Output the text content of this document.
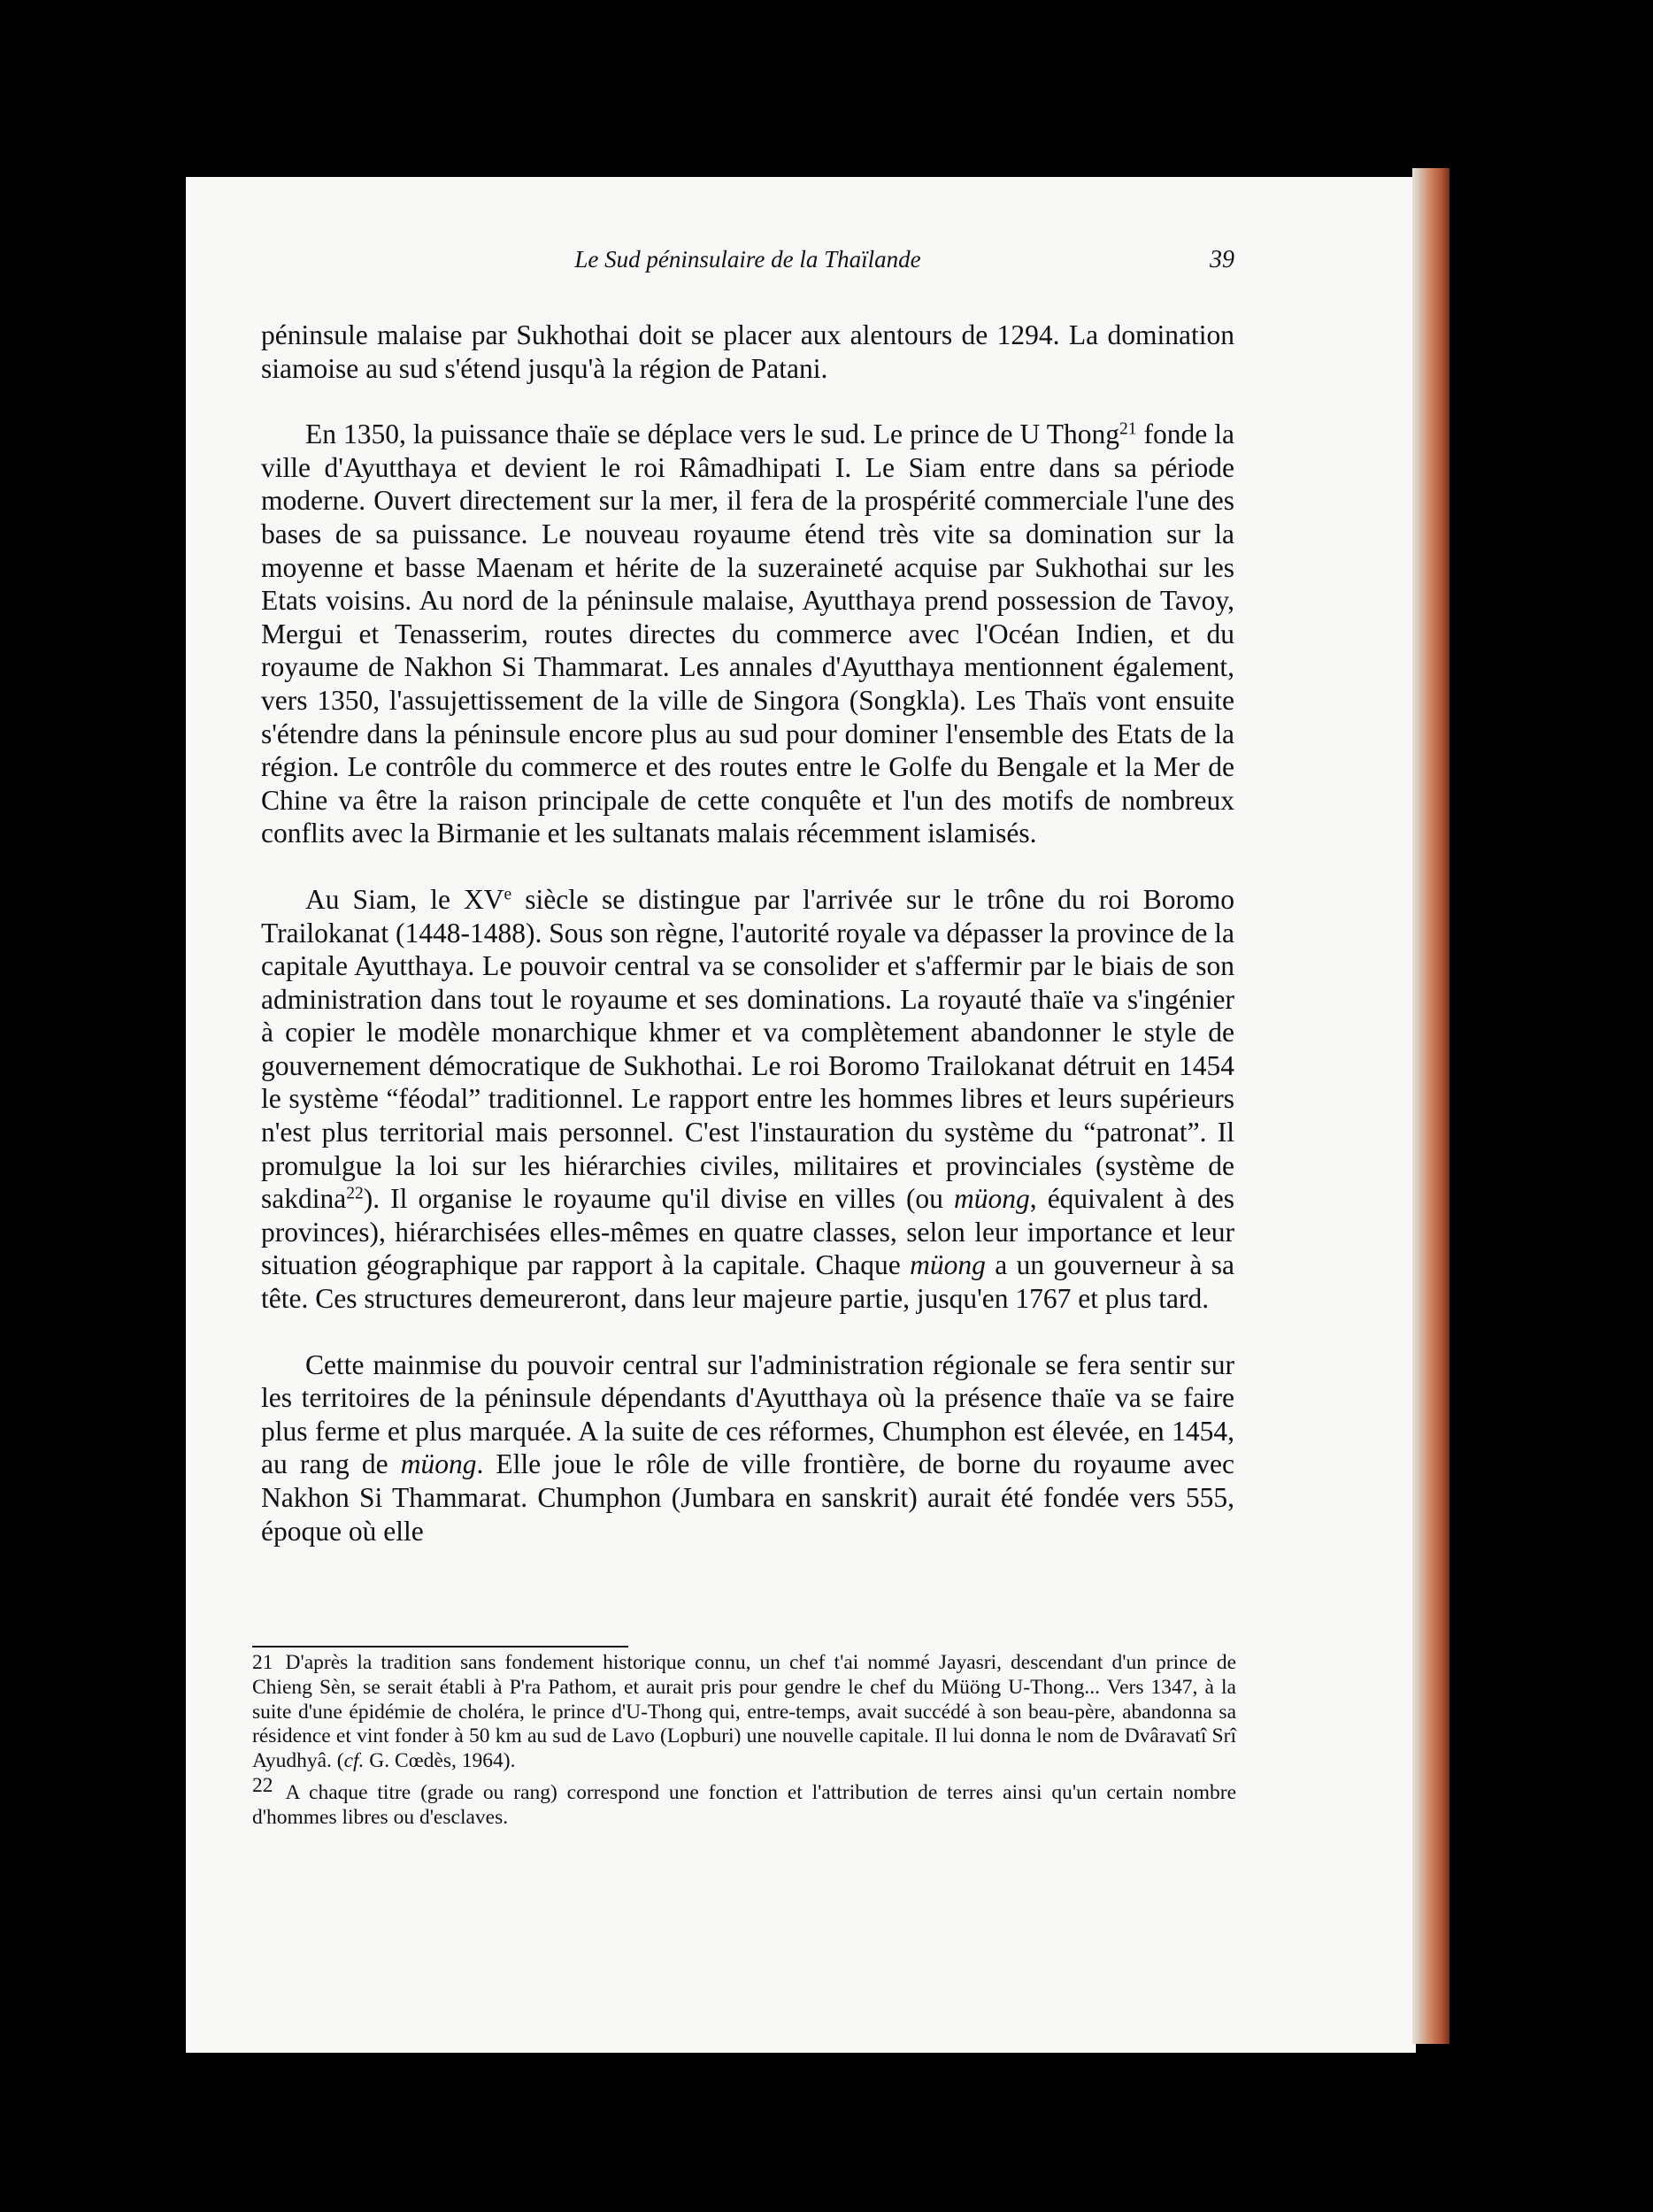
Le Sud péninsulaire de la Thaïlande	39

péninsule malaise par Sukhothai doit se placer aux alentours de 1294. La domination siamoise au sud s'étend jusqu'à la région de Patani.

En 1350, la puissance thaïe se déplace vers le sud. Le prince de U Thong$^{21}$ fonde la ville d'Ayutthaya et devient le roi Râmadhipati I. Le Siam entre dans sa période moderne. Ouvert directement sur la mer, il fera de la prospérité commerciale l'une des bases de sa puissance. Le nouveau royaume étend très vite sa domination sur la moyenne et basse Maenam et hérite de la suzeraineté acquise par Sukhothai sur les Etats voisins. Au nord de la péninsule malaise, Ayutthaya prend possession de Tavoy, Mergui et Tenasserim, routes directes du commerce avec l'Océan Indien, et du royaume de Nakhon Si Thammarat. Les annales d'Ayutthaya mentionnent également, vers 1350, l'assujettissement de la ville de Singora (Songkla). Les Thaïs vont ensuite s'étendre dans la péninsule encore plus au sud pour dominer l'ensemble des Etats de la région. Le contrôle du commerce et des routes entre le Golfe du Bengale et la Mer de Chine va être la raison principale de cette conquête et l'un des motifs de nombreux conflits avec la Birmanie et les sultanats malais récemment islamisés.

Au Siam, le XVe siècle se distingue par l'arrivée sur le trône du roi Boromo Trailokanat (1448-1488). Sous son règne, l'autorité royale va dépasser la province de la capitale Ayutthaya. Le pouvoir central va se consolider et s'affermir par le biais de son administration dans tout le royaume et ses dominations. La royauté thaïe va s'ingénier à copier le modèle monarchique khmer et va complètement abandonner le style de gouvernement démocratique de Sukhothai. Le roi Boromo Trailokanat détruit en 1454 le système “féodal” traditionnel. Le rapport entre les hommes libres et leurs supérieurs n'est plus territorial mais personnel. C'est l'instauration du système du “patronat”. Il promulgue la loi sur les hiérarchies civiles, militaires et provinciales (système de sakdina$^{22}$). Il organise le royaume qu'il divise en villes (ou müong, équivalent à des provinces), hiérarchisées elles-mêmes en quatre classes, selon leur importance et leur situation géographique par rapport à la capitale. Chaque müong a un gouverneur à sa tête. Ces structures demeureront, dans leur majeure partie, jusqu'en 1767 et plus tard.

Cette mainmise du pouvoir central sur l'administration régionale se fera sentir sur les territoires de la péninsule dépendants d'Ayutthaya où la présence thaïe va se faire plus ferme et plus marquée. A la suite de ces réformes, Chumphon est élevée, en 1454, au rang de müong. Elle joue le rôle de ville frontière, de borne du royaume avec Nakhon Si Thammarat. Chumphon (Jumbara en sanskrit) aurait été fondée vers 555, époque où elle

21 D'après la tradition sans fondement historique connu, un chef t'ai nommé Jayasri, descendant d'un prince de Chieng Sèn, se serait établi à P'ra Pathom, et aurait pris pour gendre le chef du Müöng U-Thong... Vers 1347, à la suite d'une épidémie de choléra, le prince d'U-Thong qui, entre-temps, avait succédé à son beau-père, abandonna sa résidence et vint fonder à 50 km au sud de Lavo (Lopburi) une nouvelle capitale. Il lui donna le nom de Dvâravatî Srî Ayudhyâ. (cf. G. Cœdès, 1964).

22 A chaque titre (grade ou rang) correspond une fonction et l'attribution de terres ainsi qu'un certain nombre d'hommes libres ou d'esclaves.
